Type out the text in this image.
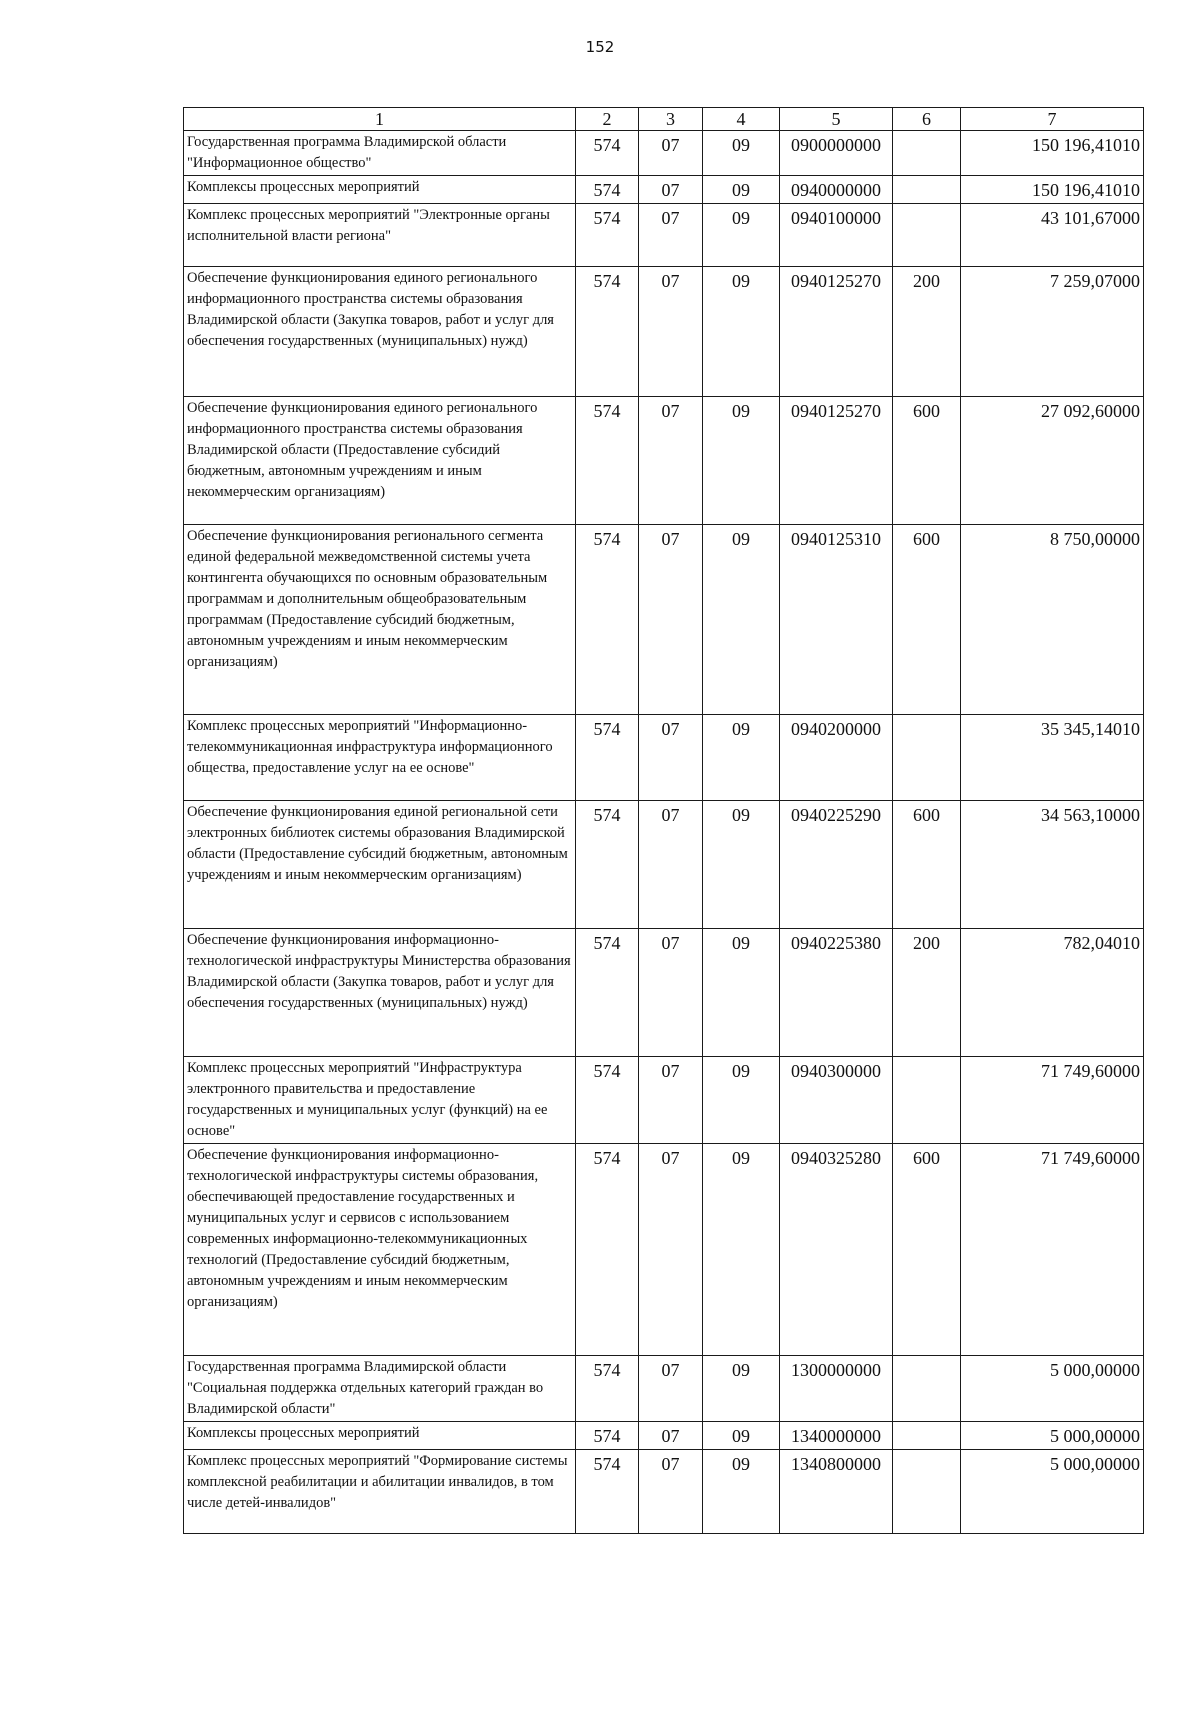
152
1	2	3	4	5	6	7
Государственная программа Владимирской области "Информационное общество"	574	07	09	0900000000		150 196,41010
Комплексы процессных мероприятий	574	07	09	0940000000		150 196,41010
Комплекс процессных мероприятий "Электронные органы исполнительной власти региона"	574	07	09	0940100000		43 101,67000
Обеспечение функционирования единого регионального информационного пространства системы образования Владимирской области (Закупка товаров, работ и услуг для обеспечения государственных (муниципальных) нужд)	574	07	09	0940125270	200	7 259,07000
Обеспечение функционирования единого регионального информационного пространства системы образования Владимирской области (Предоставление субсидий бюджетным, автономным учреждениям и иным некоммерческим организациям)	574	07	09	0940125270	600	27 092,60000
Обеспечение функционирования регионального сегмента единой федеральной межведомственной системы учета контингента обучающихся по основным образовательным программам и дополнительным общеобразовательным программам (Предоставление субсидий бюджетным, автономным учреждениям и иным некоммерческим организациям)	574	07	09	0940125310	600	8 750,00000
Комплекс процессных мероприятий "Информационно-телекоммуникационная инфраструктура информационного общества, предоставление услуг на ее основе"	574	07	09	0940200000		35 345,14010
Обеспечение функционирования единой региональной сети электронных библиотек системы образования Владимирской области (Предоставление субсидий бюджетным, автономным учреждениям и иным некоммерческим организациям)	574	07	09	0940225290	600	34 563,10000
Обеспечение функционирования информационно-технологической инфраструктуры Министерства образования Владимирской области (Закупка товаров, работ и услуг для обеспечения государственных (муниципальных) нужд)	574	07	09	0940225380	200	782,04010
Комплекс процессных мероприятий "Инфраструктура электронного правительства и предоставление государственных и муниципальных услуг (функций) на ее основе"	574	07	09	0940300000		71 749,60000
Обеспечение функционирования информационно-технологической инфраструктуры системы образования, обеспечивающей предоставление государственных и муниципальных услуг и сервисов с использованием современных информационно-телекоммуникационных технологий (Предоставление субсидий бюджетным, автономным учреждениям и иным некоммерческим организациям)	574	07	09	0940325280	600	71 749,60000
Государственная программа Владимирской области "Социальная поддержка отдельных категорий граждан во Владимирской области"	574	07	09	1300000000		5 000,00000
Комплексы процессных мероприятий	574	07	09	1340000000		5 000,00000
Комплекс процессных мероприятий "Формирование системы комплексной реабилитации и абилитации инвалидов, в том числе детей-инвалидов"	574	07	09	1340800000		5 000,00000
